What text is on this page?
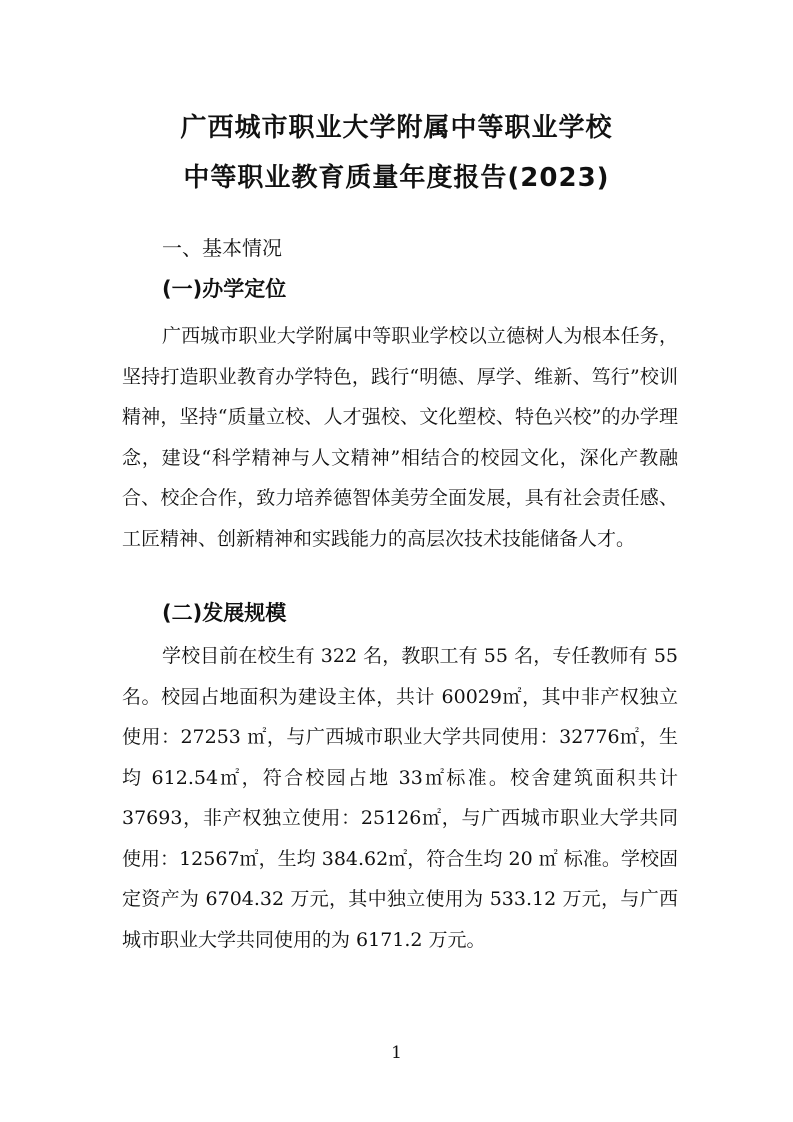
广西城市职业大学附属中等职业学校
中等职业教育质量年度报告(2023)
一、基本情况
(一)办学定位

广西城市职业大学附属中等职业学校以立德树人为根本任务，坚持打造职业教育办学特色，践行“明德、厚学、维新、笃行”校训精神，坚持“质量立校、人才强校、文化塑校、特色兴校”的办学理念，建设“科学精神与人文精神”相结合的校园文化，深化产教融合、校企合作，致力培养德智体美劳全面发展，具有社会责任感、工匠精神、创新精神和实践能力的高层次技术技能储备人才。

(二)发展规模

学校目前在校生有 322 名，教职工有 55 名，专任教师有 55 名。校园占地面积为建设主体，共计 60029㎡，其中非产权独立使用：27253 ㎡，与广西城市职业大学共同使用：32776㎡，生均 612.54㎡，符合校园占地 33㎡标准。校舍建筑面积共计 37693，非产权独立使用：25126㎡，与广西城市职业大学共同使用：12567㎡，生均 384.62㎡，符合生均 20 ㎡ 标准。学校固定资产为 6704.32 万元，其中独立使用为 533.12 万元，与广西城市职业大学共同使用的为 6171.2 万元。

1
